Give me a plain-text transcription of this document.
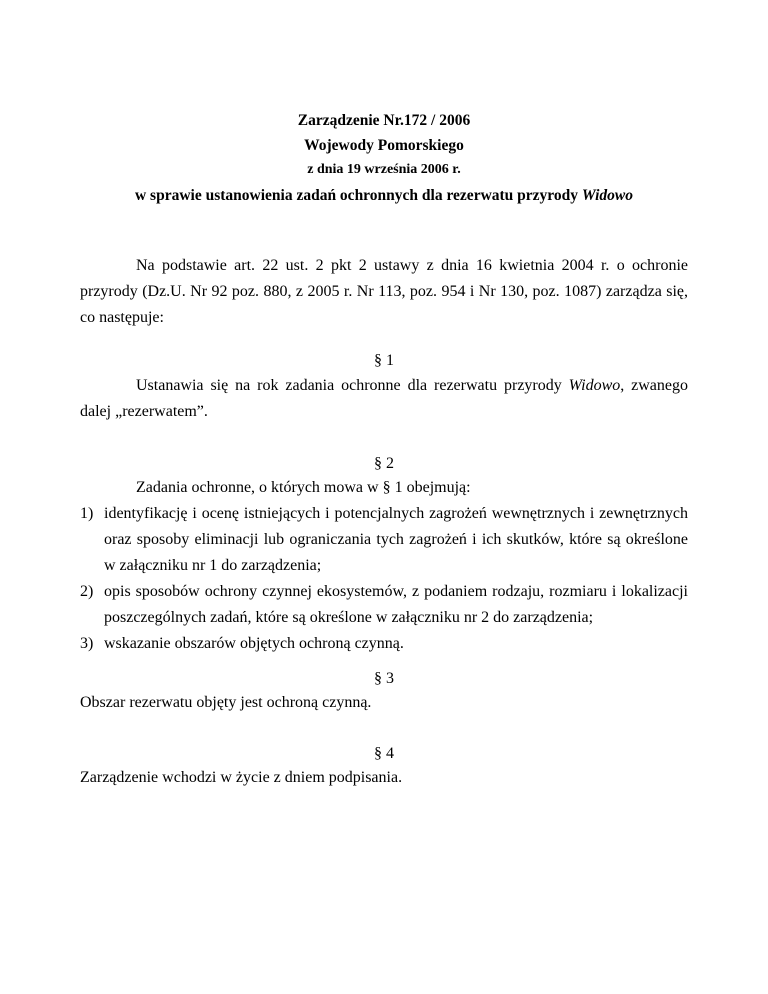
Zarządzenie Nr.172 / 2006
Wojewody Pomorskiego
z dnia 19 września 2006 r.
w sprawie ustanowienia zadań ochronnych dla rezerwatu przyrody Widowo
Na podstawie art. 22 ust. 2 pkt 2 ustawy z dnia 16 kwietnia 2004 r. o ochronie przyrody (Dz.U. Nr 92 poz. 880, z 2005 r. Nr 113, poz. 954 i Nr 130, poz. 1087) zarządza się, co następuje:
§ 1
Ustanawia się na rok zadania ochronne dla rezerwatu przyrody Widowo, zwanego dalej „rezerwatem”.
§ 2
Zadania ochronne, o których mowa w § 1 obejmują:
1) identyfikację i ocenę istniejących i potencjalnych zagrożeń wewnętrznych i zewnętrznych oraz sposoby eliminacji lub ograniczania tych zagrożeń i ich skutków, które są określone w załączniku nr 1 do zarządzenia;
2) opis sposobów ochrony czynnej ekosystemów, z podaniem rodzaju, rozmiaru i lokalizacji poszczególnych zadań, które są określone w załączniku nr 2 do zarządzenia;
3) wskazanie obszarów objętych ochroną czynną.
§ 3
Obszar rezerwatu objęty jest ochroną czynną.
§ 4
Zarządzenie wchodzi w życie z dniem podpisania.
